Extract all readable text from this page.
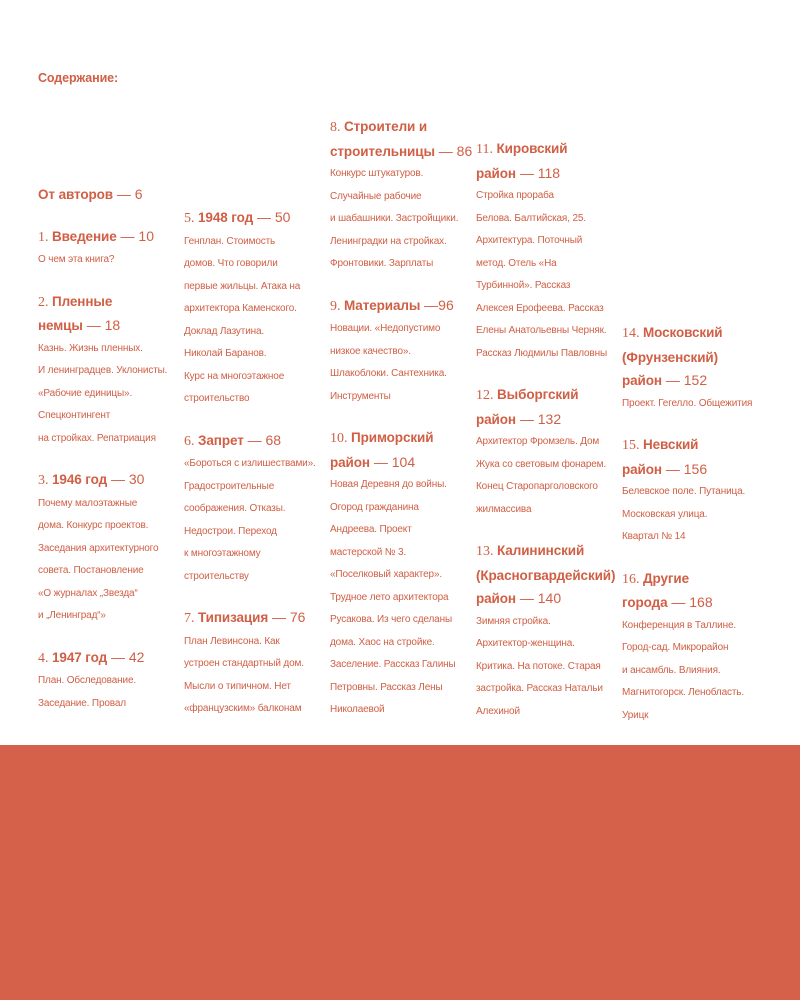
Содержание:
От авторов — 6
1. Введение — 10
О чем эта книга?
2. Пленные
немцы — 18
Казнь. Жизнь пленных.
И ленинградцев. Уклонисты.
«Рабочие единицы».
Спецконтингент
на стройках. Репатриация
3. 1946 год — 30
Почему малоэтажные
дома. Конкурс проектов.
Заседания архитектурного
совета. Постановление
«О журналах „Звезда“
и „Ленинград“»
4. 1947 год — 42
План. Обследование.
Заседание. Провал
5. 1948 год — 50
Генплан. Стоимость
домов. Что говорили
первые жильцы. Атака на
архитектора Каменского.
Доклад Лазутина.
Николай Баранов.
Курс на многоэтажное
строительство
6. Запрет — 68
«Бороться с излишествами».
Градостроительные
соображения. Отказы.
Недострои. Переход
к многоэтажному
строительству
7. Типизация — 76
План Левинсона. Как
устроен стандартный дом.
Мысли о типичном. Нет
«французским» балконам
8. Строители и
строительницы — 86
Конкурс штукатуров.
Случайные рабочие
и шабашники. Застройщики.
Ленинградки на стройках.
Фронтовики. Зарплаты
9. Материалы —96
Новации. «Недопустимо
низкое качество».
Шлакоблоки. Сантехника.
Инструменты
10. Приморский
район — 104
Новая Деревня до войны.
Огород гражданина
Андреева. Проект
мастерской № 3.
«Поселковый характер».
Трудное лето архитектора
Русакова. Из чего сделаны
дома. Хаос на стройке.
Заселение. Рассказ Галины
Петровны. Рассказ Лены
Николаевой
11. Кировский
район — 118
Стройка прораба
Белова. Балтийская, 25.
Архитектура. Поточный
метод. Отель «На
Турбинной». Рассказ
Алексея Ерофеева. Рассказ
Елены Анатольевны Черняк.
Рассказ Людмилы Павловны
12. Выборгский
район — 132
Архитектор Фромзель. Дом
Жука со световым фонарем.
Конец Старопарголовского
жилмассива
13. Калининский
(Красногвардейский)
район — 140
Зимняя стройка.
Архитектор-женщина.
Критика. На потоке. Старая
застройка. Рассказ Натальи
Алехиной
14. Московский
(Фрунзенский)
район — 152
Проект. Гегелло. Общежития
15. Невский
район — 156
Белевское поле. Путаница.
Московская улица.
Квартал № 14
16. Другие
города — 168
Конференция в Таллине.
Город-сад. Микрорайон
и ансамбль. Влияния.
Магнитогорск. Ленобласть.
Урицк
